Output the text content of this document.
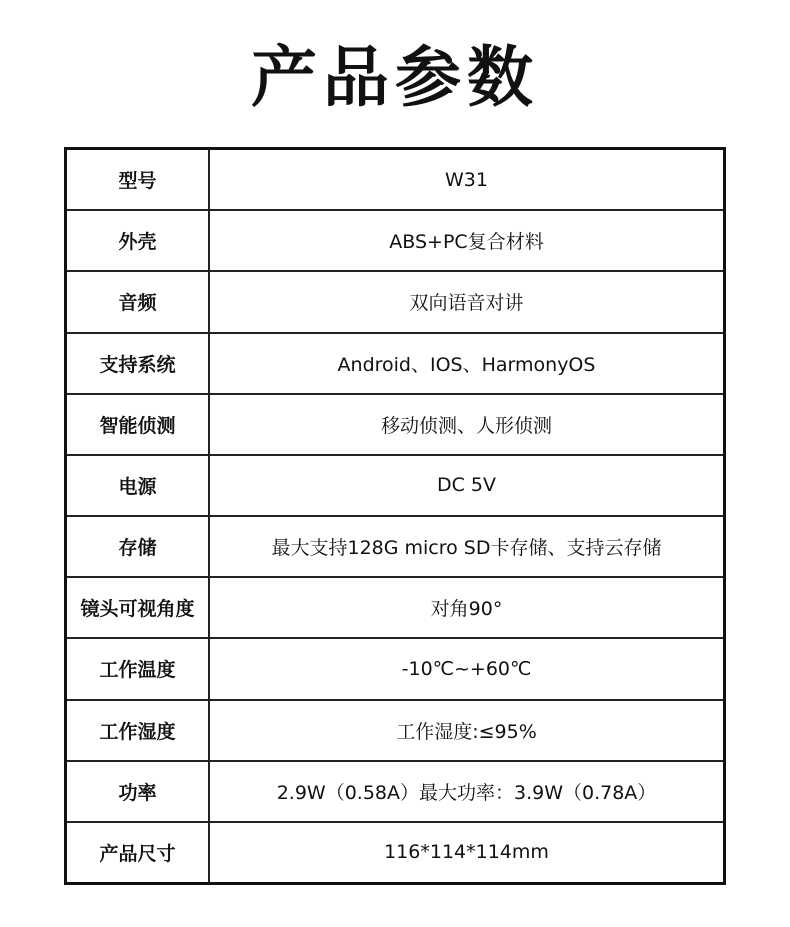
产品参数
型号	W31
外壳	ABS+PC复合材料
音频	双向语音对讲
支持系统	Android、IOS、HarmonyOS
智能侦测	移动侦测、人形侦测
电源	DC 5V
存储	最大支持128G micro SD卡存储、支持云存储
镜头可视角度	对角90°
工作温度	-10℃~+60℃
工作湿度	工作湿度:≤95%
功率	2.9W（0.58A）最大功率：3.9W（0.78A）
产品尺寸	116*114*114mm
